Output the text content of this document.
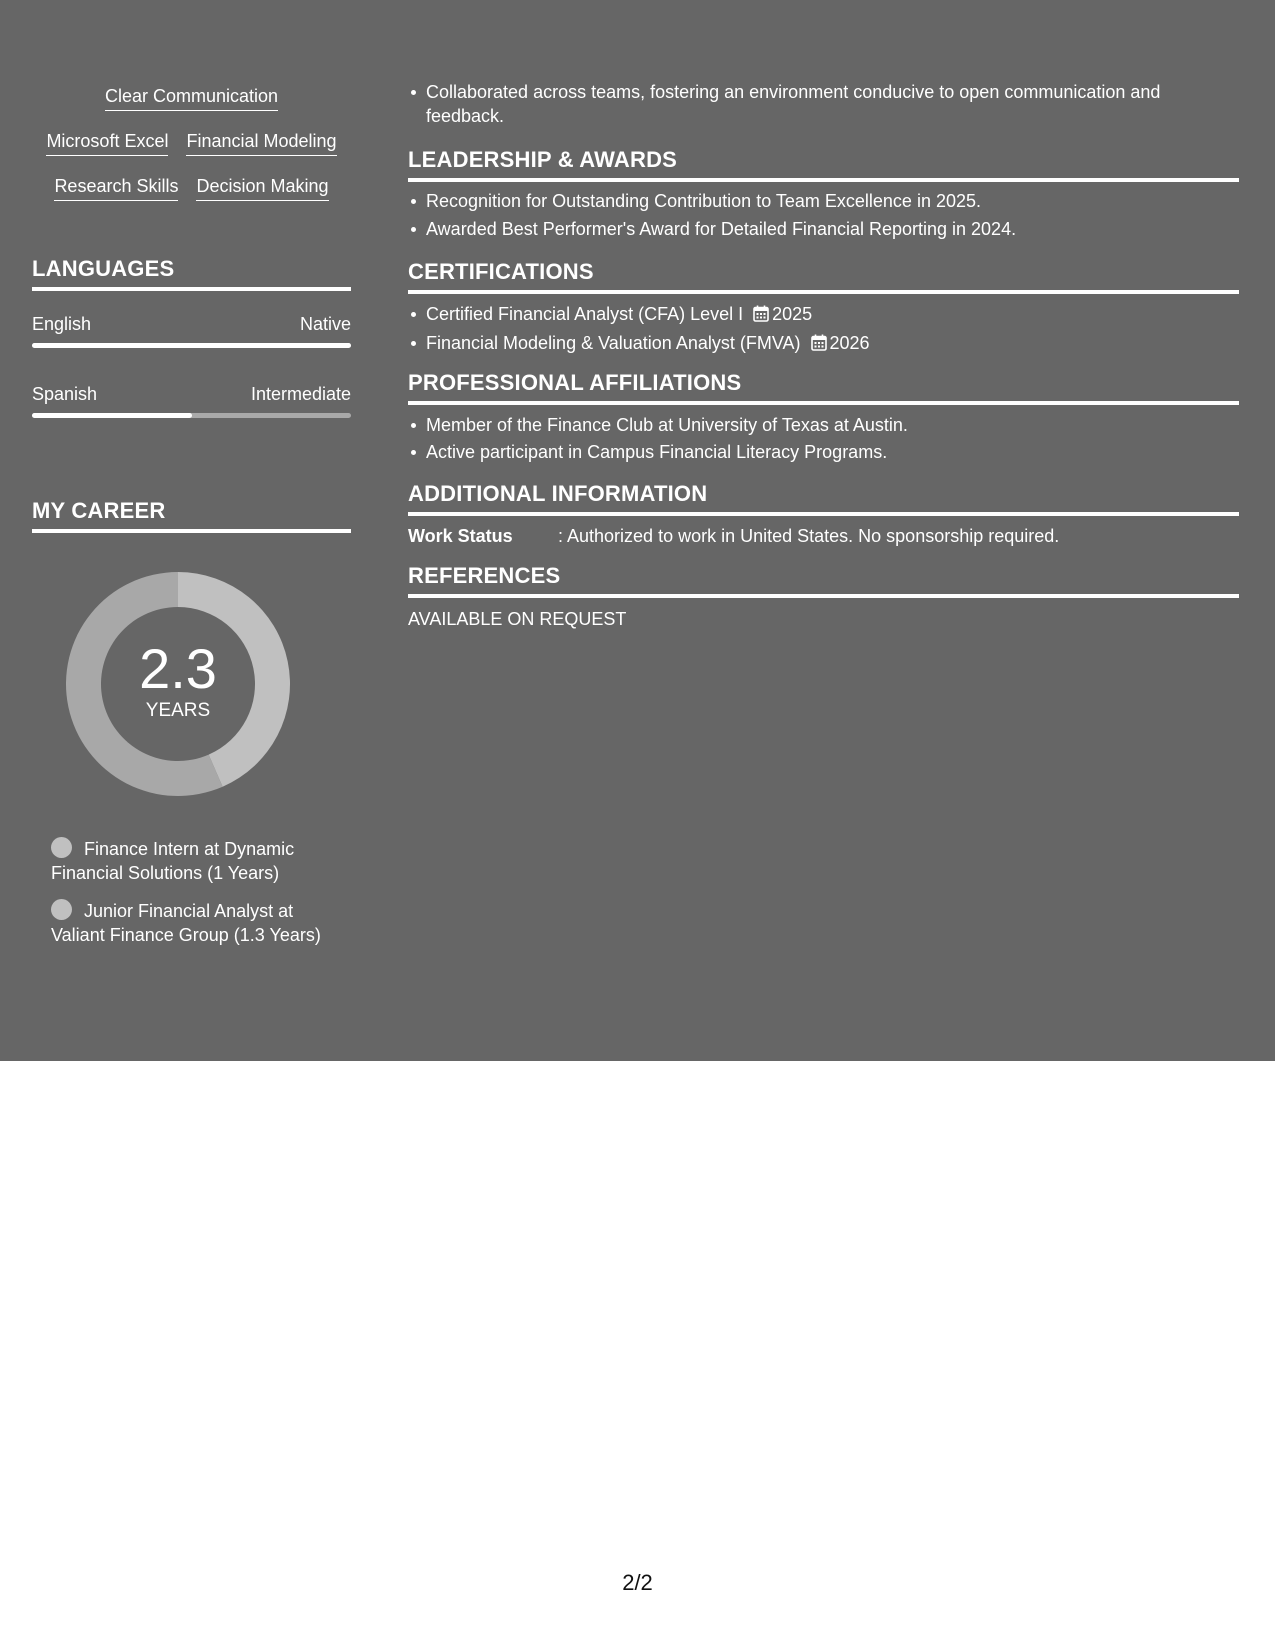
Clear Communication
Microsoft Excel Financial Modeling
Research Skills Decision Making
LANGUAGES
English	Native
Spanish	Intermediate
MY CAREER
2.3
YEARS
Finance Intern at Dynamic Financial Solutions (1 Years)
Junior Financial Analyst at Valiant Finance Group (1.3 Years)
Collaborated across teams, fostering an environment conducive to open communication and feedback.
LEADERSHIP & AWARDS
Recognition for Outstanding Contribution to Team Excellence in 2025.
Awarded Best Performer's Award for Detailed Financial Reporting in 2024.
CERTIFICATIONS
Certified Financial Analyst (CFA) Level I 2025
Financial Modeling & Valuation Analyst (FMVA) 2026
PROFESSIONAL AFFILIATIONS
Member of the Finance Club at University of Texas at Austin.
Active participant in Campus Financial Literacy Programs.
ADDITIONAL INFORMATION
Work Status	: Authorized to work in United States. No sponsorship required.
REFERENCES
AVAILABLE ON REQUEST
2/2
